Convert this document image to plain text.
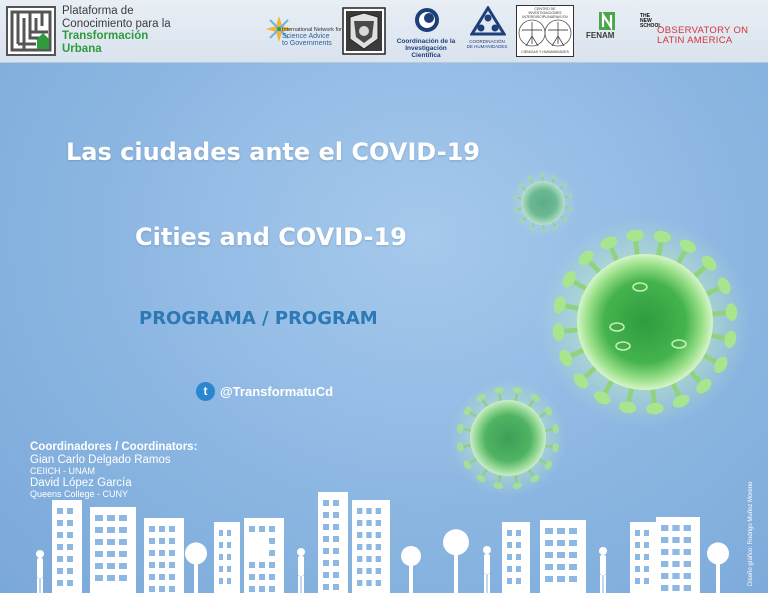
Plataforma de
Conocimiento para la
Transformación
Urbana
International Network for
Science Advice
to Governments	Coordinación de la
Investigación Científica
COORDINACIÓN
DE HUMANIDADES
CENTRO DE INVESTIGACIONES
INTERDISCIPLINARIAS EN
CIENCIAS Y HUMANIDADES
FENAM
THE
NEW
SCHOOL
OBSERVATORY ON
LATIN AMERICA
Las ciudades ante el COVID-19
Cities and COVID-19
PROGRAMA / PROGRAM
t @TransformatuCd
Coordinadores / Coordinators:
Gian Carlo Delgado Ramos
CEIICH - UNAM
David López García
Queens College - CUNY	Diseño gráfico: Rodrigo Muñoz Moreno
